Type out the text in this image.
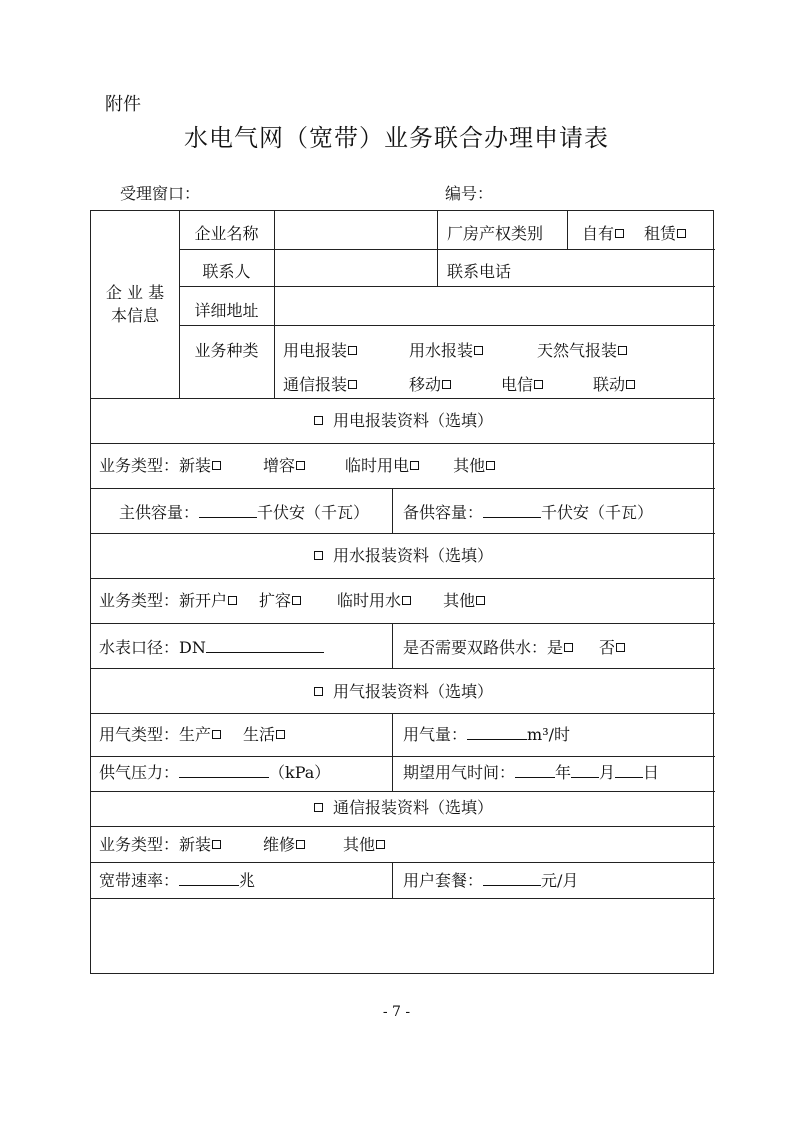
附件
水电气网（宽带）业务联合办理申请表
受理窗口：	编号：
企 业 基
本信息
企业名称	厂房产权类别 自有	租赁
联系人	联系电话
详细地址
业务种类	用电报装	用水报装	天然气报装
通信报装	移动	电信	联动
用电报装资料（选填）
业务类型：新装	增容	临时用电	其他
主供容量：	千伏安（千瓦） 备供容量：	千伏安（千瓦）
用水报装资料（选填）
业务类型：新开户 扩容	临时用水	其他
水表口径：DN	是否需要双路供水：是 否
用气报装资料（选填）
用气类型：生产 生活	用气量：	m³/时
供气压力：	（kPa）	期望用气时间：	年 月 日
通信报装资料（选填）
业务类型：新装	维修	其他
宽带速率：	兆	用户套餐：	元/月
- 7 -
